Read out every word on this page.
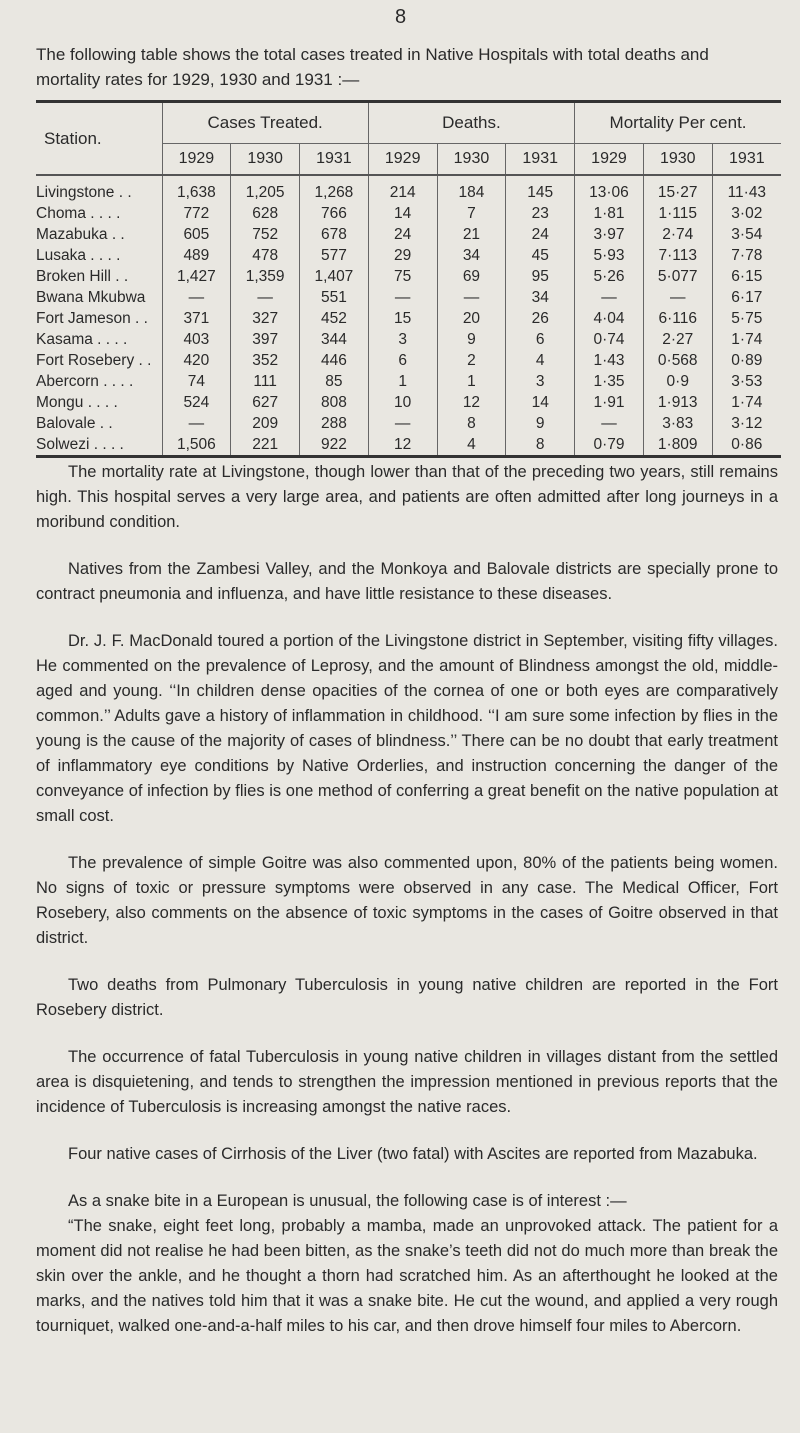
8
The following table shows the total cases treated in Native Hospitals with total deaths and mortality rates for 1929, 1930 and 1931 :—
Station.	Cases Treated.			Deaths.			Mortality Per cent.		
	1929	1930	1931	1929	1930	1931	1929	1930	1931
Livingstone . .	1,638	1,205	1,268	214	184	145	13·06	15·27	11·43
Choma . . . .	772	628	766	14	7	23	1·81	1·115	3·02
Mazabuka . .	605	752	678	24	21	24	3·97	2·74	3·54
Lusaka . . . .	489	478	577	29	34	45	5·93	7·113	7·78
Broken Hill . .	1,427	1,359	1,407	75	69	95	5·26	5·077	6·15
Bwana Mkubwa	—	—	551	—	—	34	—	—	6·17
Fort Jameson . .	371	327	452	15	20	26	4·04	6·116	5·75
Kasama . . . .	403	397	344	3	9	6	0·74	2·27	1·74
Fort Rosebery . .	420	352	446	6	2	4	1·43	0·568	0·89
Abercorn . . . .	74	111	85	1	1	3	1·35	0·9	3·53
Mongu . . . .	524	627	808	10	12	14	1·91	1·913	1·74
Balovale . .	—	209	288	—	8	9	—	3·83	3·12
Solwezi . . . .	1,506	221	922	12	4	8	0·79	1·809	0·86

The mortality rate at Livingstone, though lower than that of the preceding two years, still remains high. This hospital serves a very large area, and patients are often admitted after long journeys in a moribund condition.

Natives from the Zambesi Valley, and the Monkoya and Balovale districts are specially prone to contract pneumonia and influenza, and have little resistance to these diseases.

Dr. J. F. MacDonald toured a portion of the Livingstone district in September, visiting fifty villages. He commented on the prevalence of Leprosy, and the amount of Blindness amongst the old, middle-aged and young. ‘‘In children dense opacities of the cornea of one or both eyes are comparatively common.’’ Adults gave a history of inflammation in childhood. ‘‘I am sure some infection by flies in the young is the cause of the majority of cases of blindness.’’ There can be no doubt that early treatment of inflammatory eye conditions by Native Orderlies, and instruction concerning the danger of the conveyance of infection by flies is one method of conferring a great benefit on the native population at small cost.

The prevalence of simple Goitre was also commented upon, 80% of the patients being women. No signs of toxic or pressure symptoms were observed in any case. The Medical Officer, Fort Rosebery, also comments on the absence of toxic symptoms in the cases of Goitre observed in that district.

Two deaths from Pulmonary Tuberculosis in young native children are reported in the Fort Rosebery district.

The occurrence of fatal Tuberculosis in young native children in villages distant from the settled area is disquietening, and tends to strengthen the impression mentioned in previous reports that the incidence of Tuberculosis is increasing amongst the native races.

Four native cases of Cirrhosis of the Liver (two fatal) with Ascites are reported from Mazabuka.

As a snake bite in a European is unusual, the following case is of interest :—

“The snake, eight feet long, probably a mamba, made an unprovoked attack. The patient for a moment did not realise he had been bitten, as the snake’s teeth did not do much more than break the skin over the ankle, and he thought a thorn had scratched him. As an afterthought he looked at the marks, and the natives told him that it was a snake bite. He cut the wound, and applied a very rough tourniquet, walked one-and-a-half miles to his car, and then drove himself four miles to Abercorn.
